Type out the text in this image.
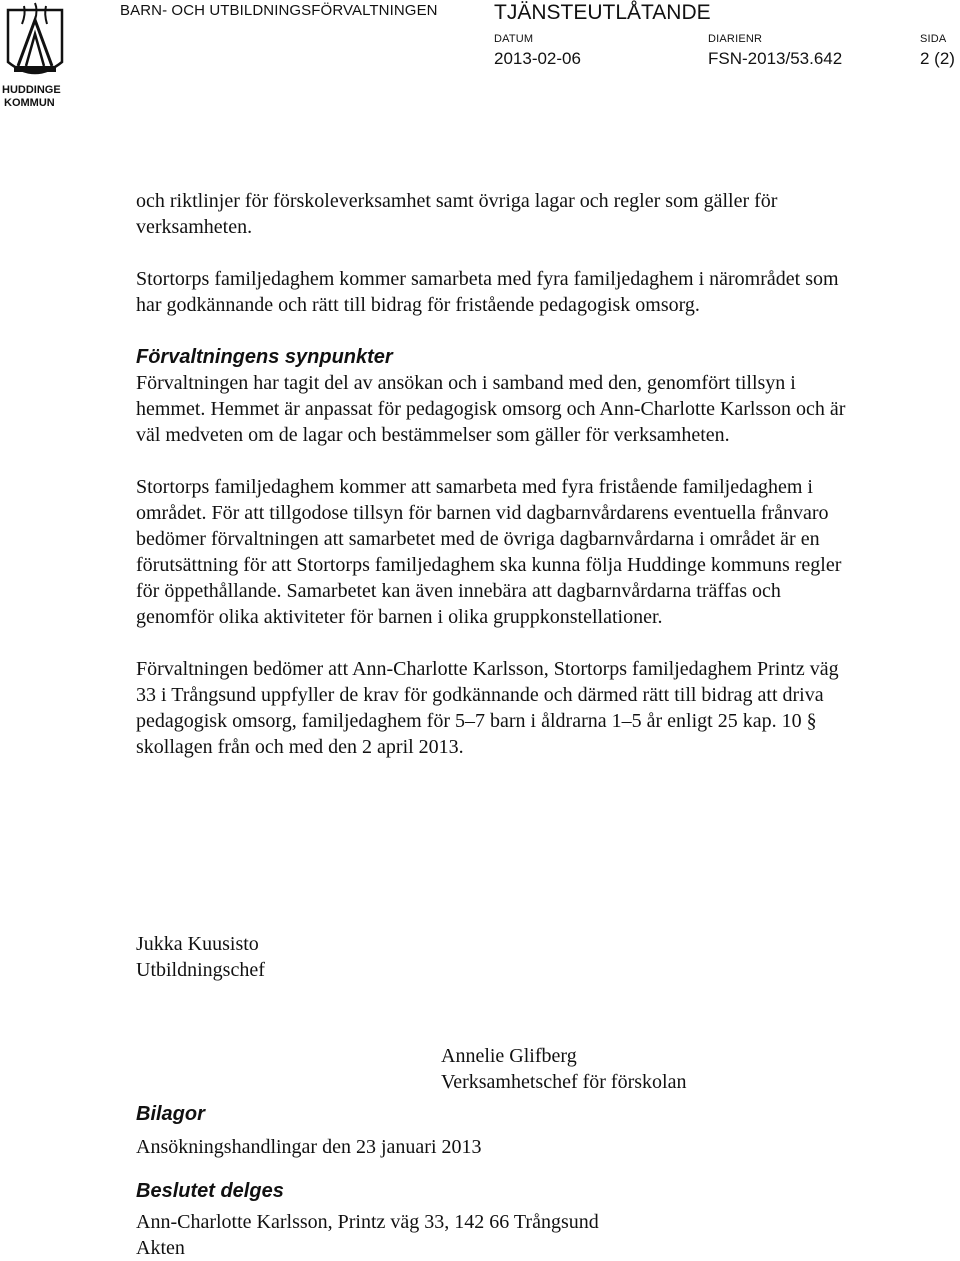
HUDDINGE
KOMMUN
BARN- OCH UTBILDNINGSFÖRVALTNINGEN	TJÄNSTEUTLÅTANDE
DATUM
2013-02-06
DIARIENR
FSN-2013/53.642
SIDA
2 (2)

och riktlinjer för förskoleverksamhet samt övriga lagar och regler som gäller för verksamheten.

Stortorps familjedaghem kommer samarbeta med fyra familjedaghem i närområdet som har godkännande och rätt till bidrag för fristående pedagogisk omsorg.

Förvaltningens synpunkter

Förvaltningen har tagit del av ansökan och i samband med den, genomfört tillsyn i hemmet. Hemmet är anpassat för pedagogisk omsorg och Ann-Charlotte Karlsson och är väl medveten om de lagar och bestämmelser som gäller för verksamheten.

Stortorps familjedaghem kommer att samarbeta med fyra fristående familjedaghem i området. För att tillgodose tillsyn för barnen vid dagbarnvårdarens eventuella frånvaro bedömer förvaltningen att samarbetet med de övriga dagbarnvårdarna i området är en förutsättning för att Stortorps familjedaghem ska kunna följa Huddinge kommuns regler för öppethållande. Samarbetet kan även innebära att dagbarnvårdarna träffas och genomför olika aktiviteter för barnen i olika gruppkonstellationer.

Förvaltningen bedömer att Ann-Charlotte Karlsson, Stortorps familjedaghem Printz väg 33 i Trångsund uppfyller de krav för godkännande och därmed rätt till bidrag att driva pedagogisk omsorg, familjedaghem för 5–7 barn i åldrarna 1–5 år enligt 25 kap. 10 § skollagen från och med den 2 april 2013.

Jukka Kuusisto
Utbildningschef
Annelie Glifberg
Verksamhetschef för förskolan
Bilagor
Ansökningshandlingar den 23 januari 2013
Beslutet delges
Ann-Charlotte Karlsson, Printz väg 33, 142 66 Trångsund
Akten
